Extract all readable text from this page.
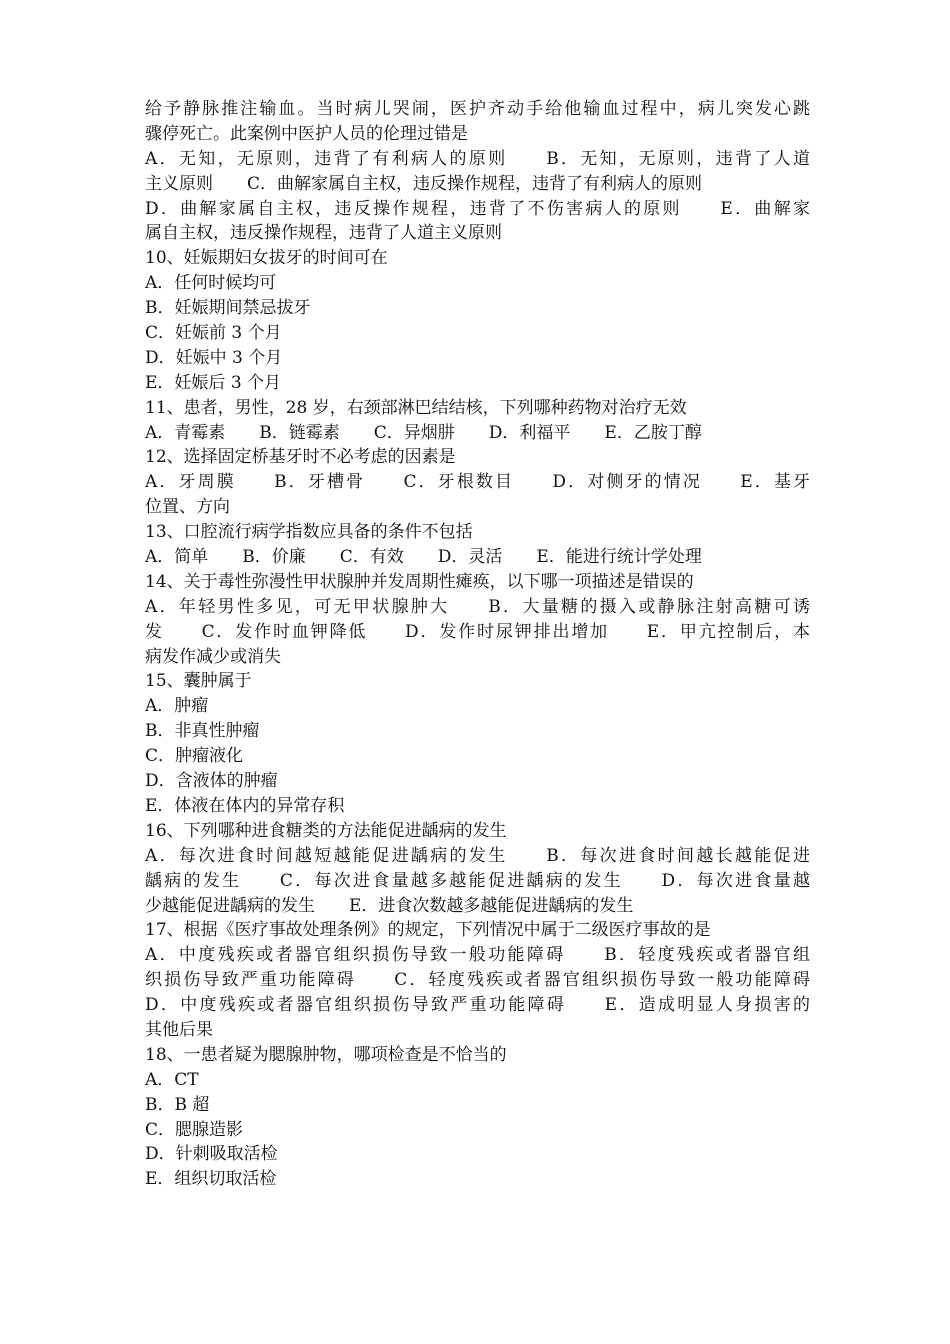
给予静脉推注输血。当时病儿哭闹，医护齐动手给他输血过程中，病儿突发心跳
骤停死亡。此案例中医护人员的伦理过错是
A．无知，无原则，违背了有利病人的原则　　B．无知，无原则，违背了人道
主义原则　　C．曲解家属自主权，违反操作规程，违背了有利病人的原则
D．曲解家属自主权，违反操作规程，违背了不伤害病人的原则　　E．曲解家
属自主权，违反操作规程，违背了人道主义原则
10、妊娠期妇女拔牙的时间可在
A．任何时候均可
B．妊娠期间禁忌拔牙
C．妊娠前 3 个月
D．妊娠中 3 个月
E．妊娠后 3 个月
11、患者，男性，28 岁，右颈部淋巴结结核，下列哪种药物对治疗无效
A．青霉素　　B．链霉素　　C．异烟肼　　D．利福平　　E．乙胺丁醇
12、选择固定桥基牙时不必考虑的因素是
A．牙周膜　　B．牙槽骨　　C．牙根数目　　D．对侧牙的情况　　E．基牙
位置、方向
13、口腔流行病学指数应具备的条件不包括
A．简单　　B．价廉　　C．有效　　D．灵活　　E．能进行统计学处理
14、关于毒性弥漫性甲状腺肿并发周期性瘫痪，以下哪一项描述是错误的
A．年轻男性多见，可无甲状腺肿大　　B．大量糖的摄入或静脉注射高糖可诱
发　　C．发作时血钾降低　　D．发作时尿钾排出增加　　E．甲亢控制后，本
病发作减少或消失
15、囊肿属于
A．肿瘤
B．非真性肿瘤
C．肿瘤液化
D．含液体的肿瘤
E．体液在体内的异常存积
16、下列哪种进食糖类的方法能促进龋病的发生
A．每次进食时间越短越能促进龋病的发生　　B．每次进食时间越长越能促进
龋病的发生　　C．每次进食量越多越能促进龋病的发生　　D．每次进食量越
少越能促进龋病的发生　　E．进食次数越多越能促进龋病的发生
17、根据《医疗事故处理条例》的规定，下列情况中属于二级医疗事故的是
A．中度残疾或者器官组织损伤导致一般功能障碍　　B．轻度残疾或者器官组
织损伤导致严重功能障碍　　C．轻度残疾或者器官组织损伤导致一般功能障碍
D．中度残疾或者器官组织损伤导致严重功能障碍　　E．造成明显人身损害的
其他后果
18、一患者疑为腮腺肿物，哪项检查是不恰当的
A．CT
B．B 超
C．腮腺造影
D．针刺吸取活检
E．组织切取活检
